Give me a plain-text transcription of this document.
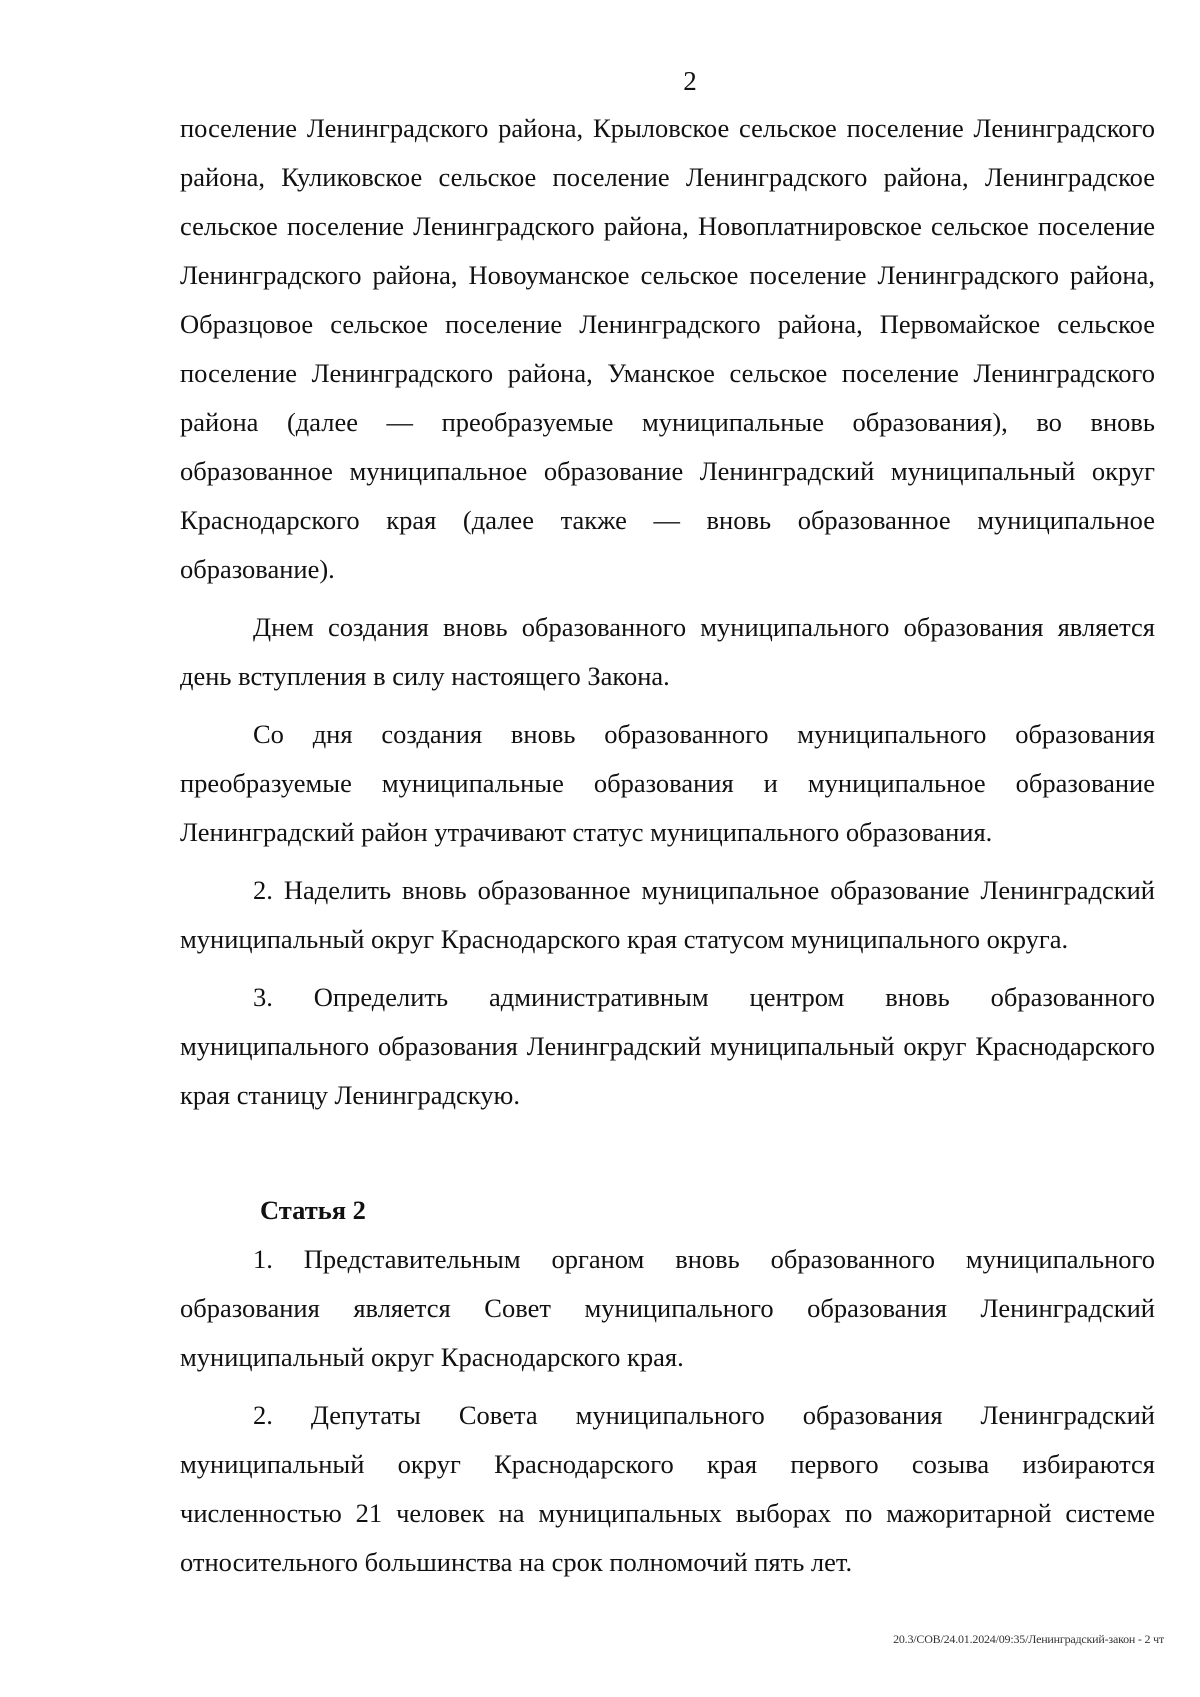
2

поселение Ленинградского района, Крыловское сельское поселение Ленинградского района, Куликовское сельское поселение Ленинградского района, Ленинградское сельское поселение Ленинградского района, Новоплатнировское сельское поселение Ленинградского района, Новоуманское сельское поселение Ленинградского района, Образцовое сельское поселение Ленинградского района, Первомайское сельское поселение Ленинградского района, Уманское сельское поселение Ленинградского района (далее — преобразуемые муниципальные образования), во вновь образованное муниципальное образование Ленинградский муниципальный округ Краснодарского края (далее также — вновь образованное муниципальное образование).

Днем создания вновь образованного муниципального образования является день вступления в силу настоящего Закона.

Со дня создания вновь образованного муниципального образования преобразуемые муниципальные образования и муниципальное образование Ленинградский район утрачивают статус муниципального образования.

2. Наделить вновь образованное муниципальное образование Ленинградский муниципальный округ Краснодарского края статусом муниципального округа.

3. Определить административным центром вновь образованного муниципального образования Ленинградский муниципальный округ Краснодарского края станицу Ленинградскую.

Статья 2

1. Представительным органом вновь образованного муниципального образования является Совет муниципального образования Ленинградский муниципальный округ Краснодарского края.

2. Депутаты Совета муниципального образования Ленинградский муниципальный округ Краснодарского края первого созыва избираются численностью 21 человек на муниципальных выборах по мажоритарной системе относительного большинства на срок полномочий пять лет.

20.3/СОВ/24.01.2024/09:35/Ленинградский-закон - 2 чт
